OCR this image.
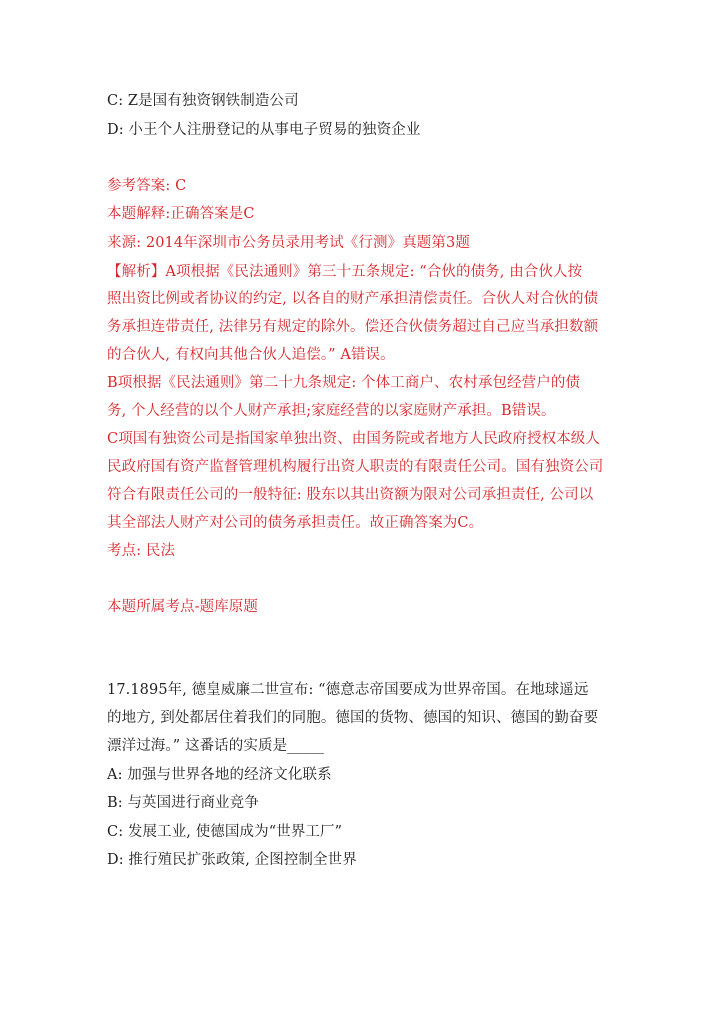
C: Z是国有独资钢铁制造公司
D: 小王个人注册登记的从事电子贸易的独资企业
参考答案: C
本题解释:正确答案是C
来源: 2014年深圳市公务员录用考试《行测》真题第3题
【解析】A项根据《民法通则》第三十五条规定: “合伙的债务, 由合伙人按
照出资比例或者协议的约定, 以各自的财产承担清偿责任。合伙人对合伙的债
务承担连带责任, 法律另有规定的除外。偿还合伙债务超过自己应当承担数额
的合伙人, 有权向其他合伙人追偿。” A错误。
B项根据《民法通则》第二十九条规定: 个体工商户、农村承包经营户的债
务, 个人经营的以个人财产承担;家庭经营的以家庭财产承担。B错误。
C项国有独资公司是指国家单独出资、由国务院或者地方人民政府授权本级人
民政府国有资产监督管理机构履行出资人职责的有限责任公司。国有独资公司
符合有限责任公司的一般特征: 股东以其出资额为限对公司承担责任, 公司以
其全部法人财产对公司的债务承担责任。故正确答案为C。
考点: 民法
本题所属考点-题库原题
17.1895年, 德皇威廉二世宣布: “德意志帝国要成为世界帝国。在地球遥远
的地方, 到处都居住着我们的同胞。德国的货物、德国的知识、德国的勤奋要
漂洋过海。” 这番话的实质是_____
A: 加强与世界各地的经济文化联系
B: 与英国进行商业竞争
C: 发展工业, 使德国成为“世界工厂”
D: 推行殖民扩张政策, 企图控制全世界
